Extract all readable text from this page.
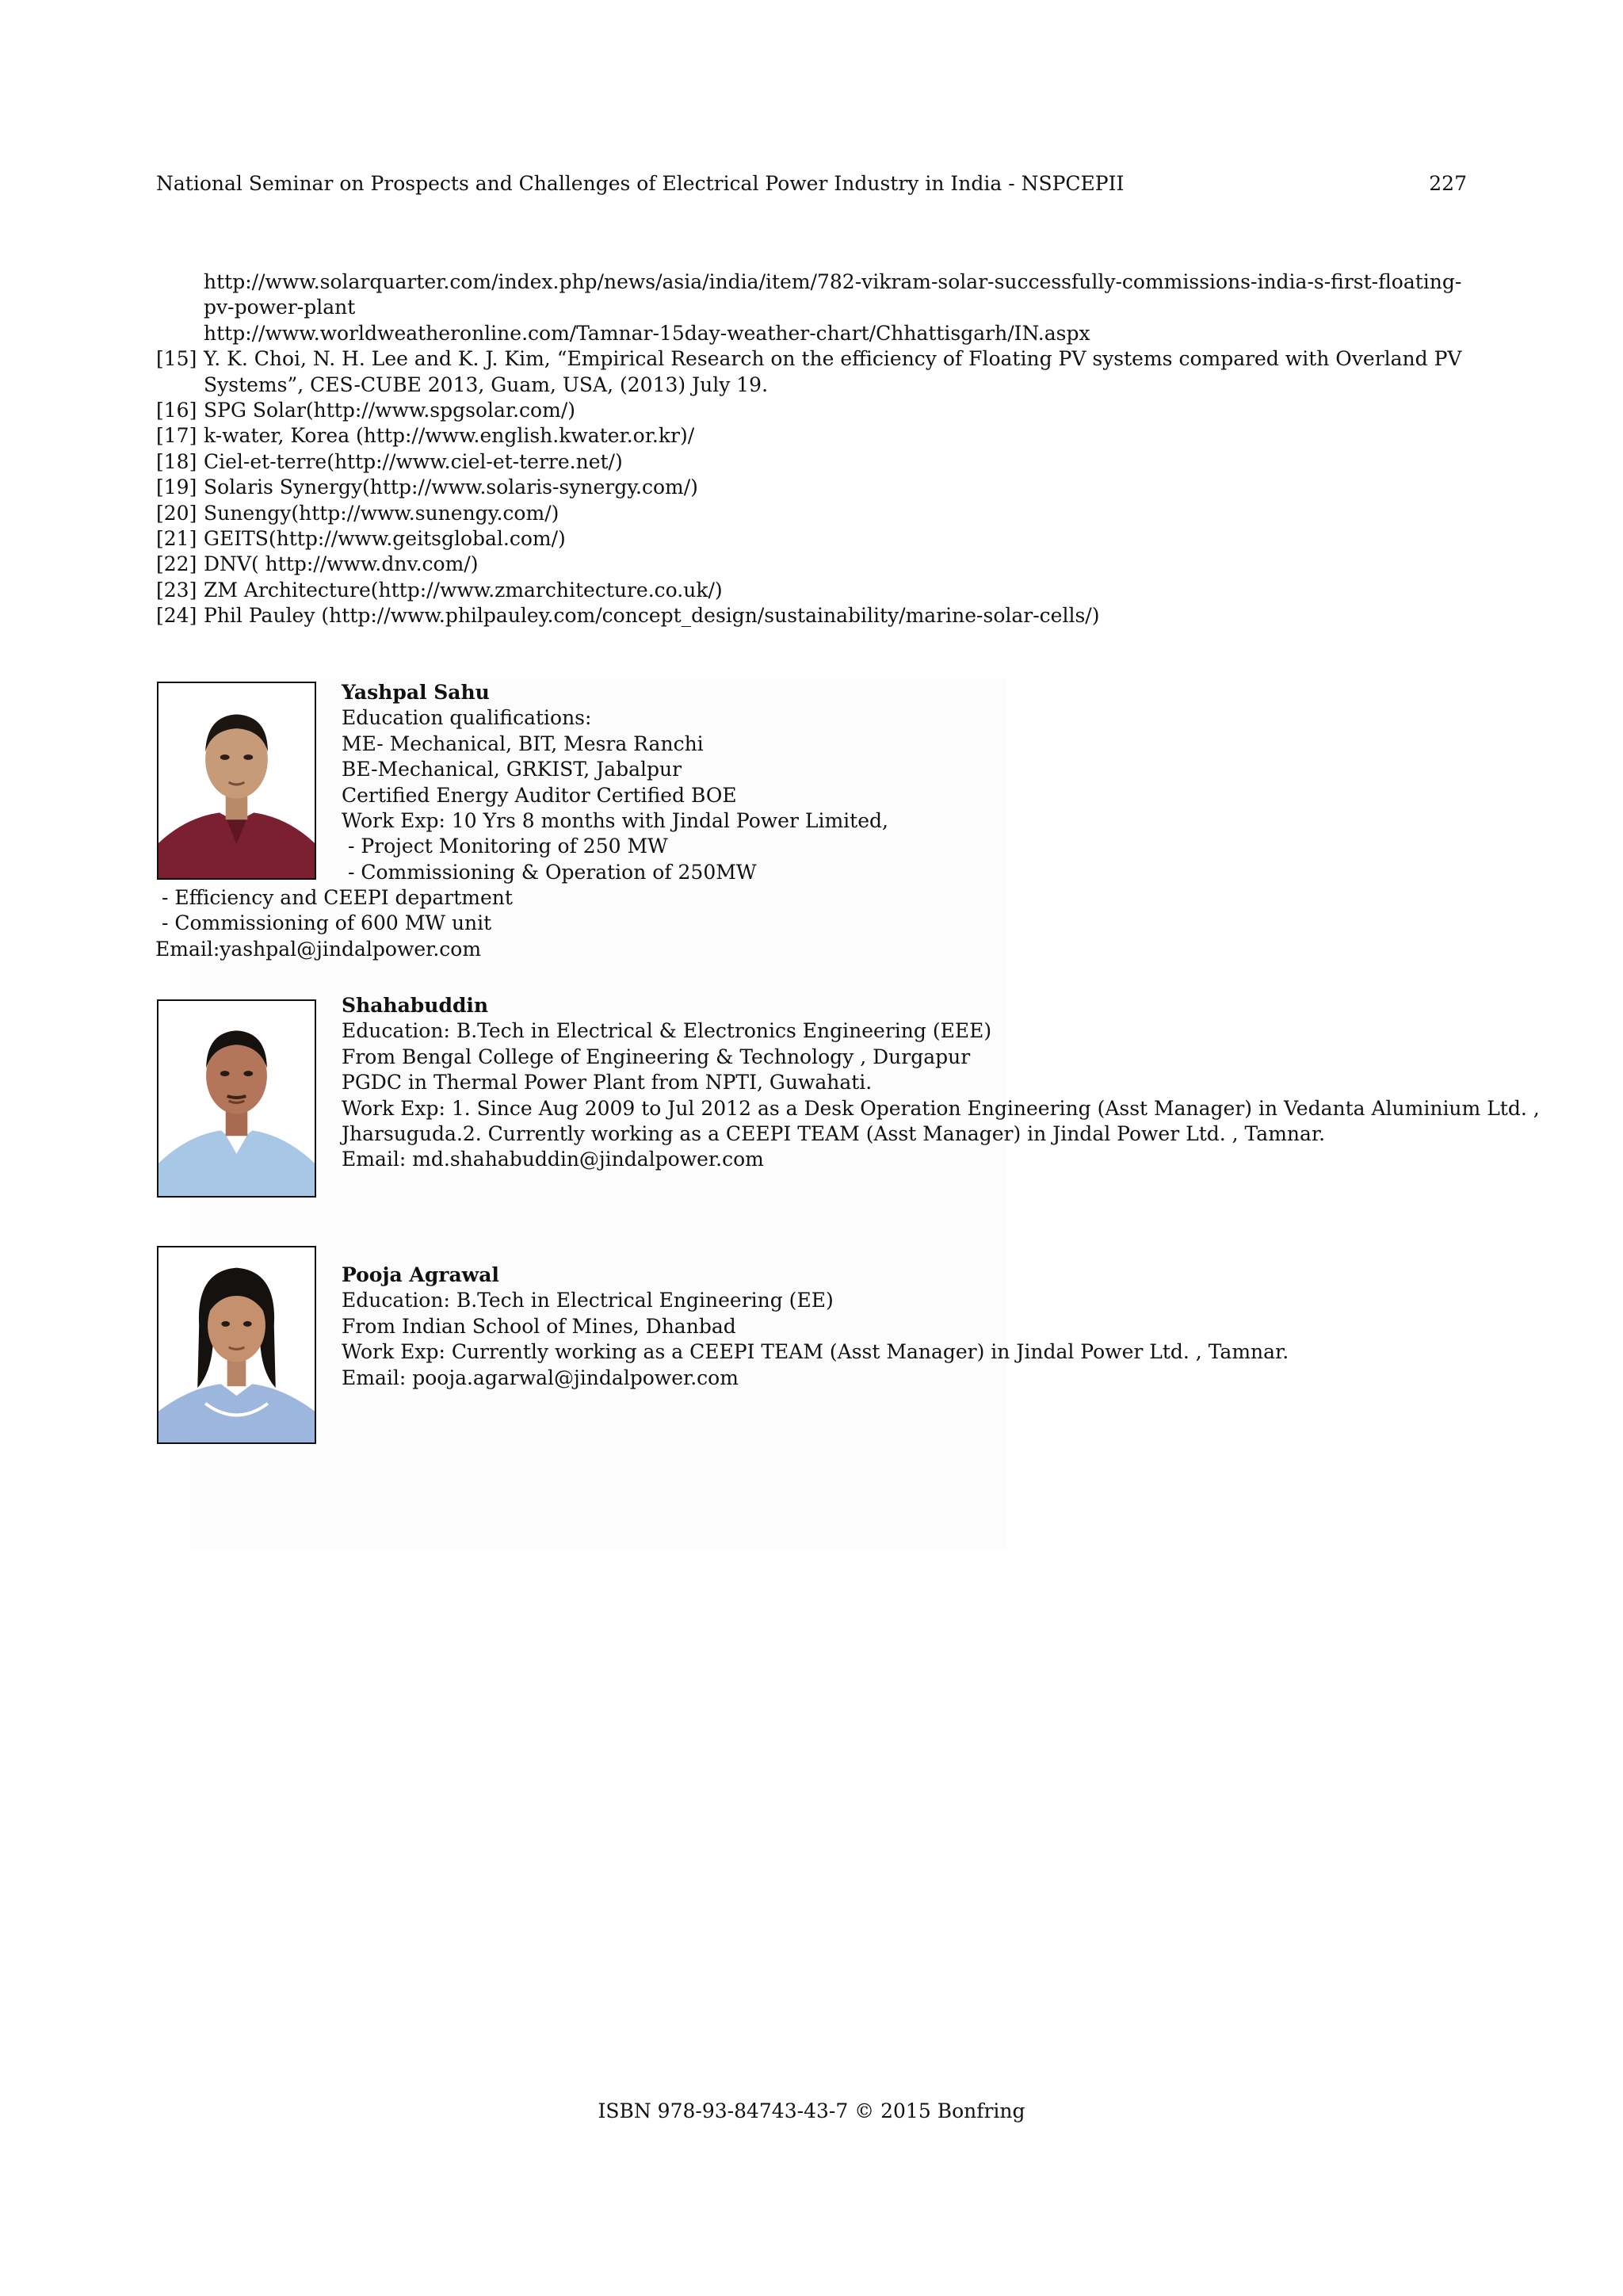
National Seminar on Prospects and Challenges of Electrical Power Industry in India - NSPCEPII	227
http://www.solarquarter.com/index.php/news/asia/india/item/782-vikram-solar-successfully-commissions-india-s-first-floating-pv-power-plant
http://www.worldweatheronline.com/Tamnar-15day-weather-chart/Chhattisgarh/IN.aspx
[15] Y. K. Choi, N. H. Lee and K. J. Kim, “Empirical Research on the efficiency of Floating PV systems compared with Overland PV Systems”, CES-CUBE 2013, Guam, USA, (2013) July 19.
[16] SPG Solar(http://www.spgsolar.com/)
[17] k-water, Korea (http://www.english.kwater.or.kr)/
[18] Ciel-et-terre(http://www.ciel-et-terre.net/)
[19] Solaris Synergy(http://www.solaris-synergy.com/)
[20] Sunengy(http://www.sunengy.com/)
[21] GEITS(http://www.geitsglobal.com/)
[22] DNV( http://www.dnv.com/)
[23] ZM Architecture(http://www.zmarchitecture.co.uk/)
[24] Phil Pauley (http://www.philpauley.com/concept_design/sustainability/marine-solar-cells/)
Yashpal Sahu
Education qualifications:
ME- Mechanical, BIT, Mesra Ranchi
BE-Mechanical, GRKIST, Jabalpur
Certified Energy Auditor Certified BOE
Work Exp: 10 Yrs 8 months with Jindal Power Limited,
- Project Monitoring of 250 MW
- Commissioning & Operation of 250MW
- Efficiency and CEEPI department
- Commissioning of 600 MW unit
Email:yashpal@jindalpower.com
Shahabuddin
Education: B.Tech in Electrical & Electronics Engineering (EEE)
From Bengal College of Engineering & Technology , Durgapur
PGDC in Thermal Power Plant from NPTI, Guwahati.
Work Exp: 1. Since Aug 2009 to Jul 2012 as a Desk Operation Engineering (Asst Manager) in Vedanta Aluminium Ltd. ,
Jharsuguda.2. Currently working as a CEEPI TEAM (Asst Manager) in Jindal Power Ltd. , Tamnar.
Email: md.shahabuddin@jindalpower.com
Pooja Agrawal
Education: B.Tech in Electrical Engineering (EE)
From Indian School of Mines, Dhanbad
Work Exp: Currently working as a CEEPI TEAM (Asst Manager) in Jindal Power Ltd. , Tamnar.
Email: pooja.agarwal@jindalpower.com
ISBN 978-93-84743-43-7 © 2015 Bonfring
